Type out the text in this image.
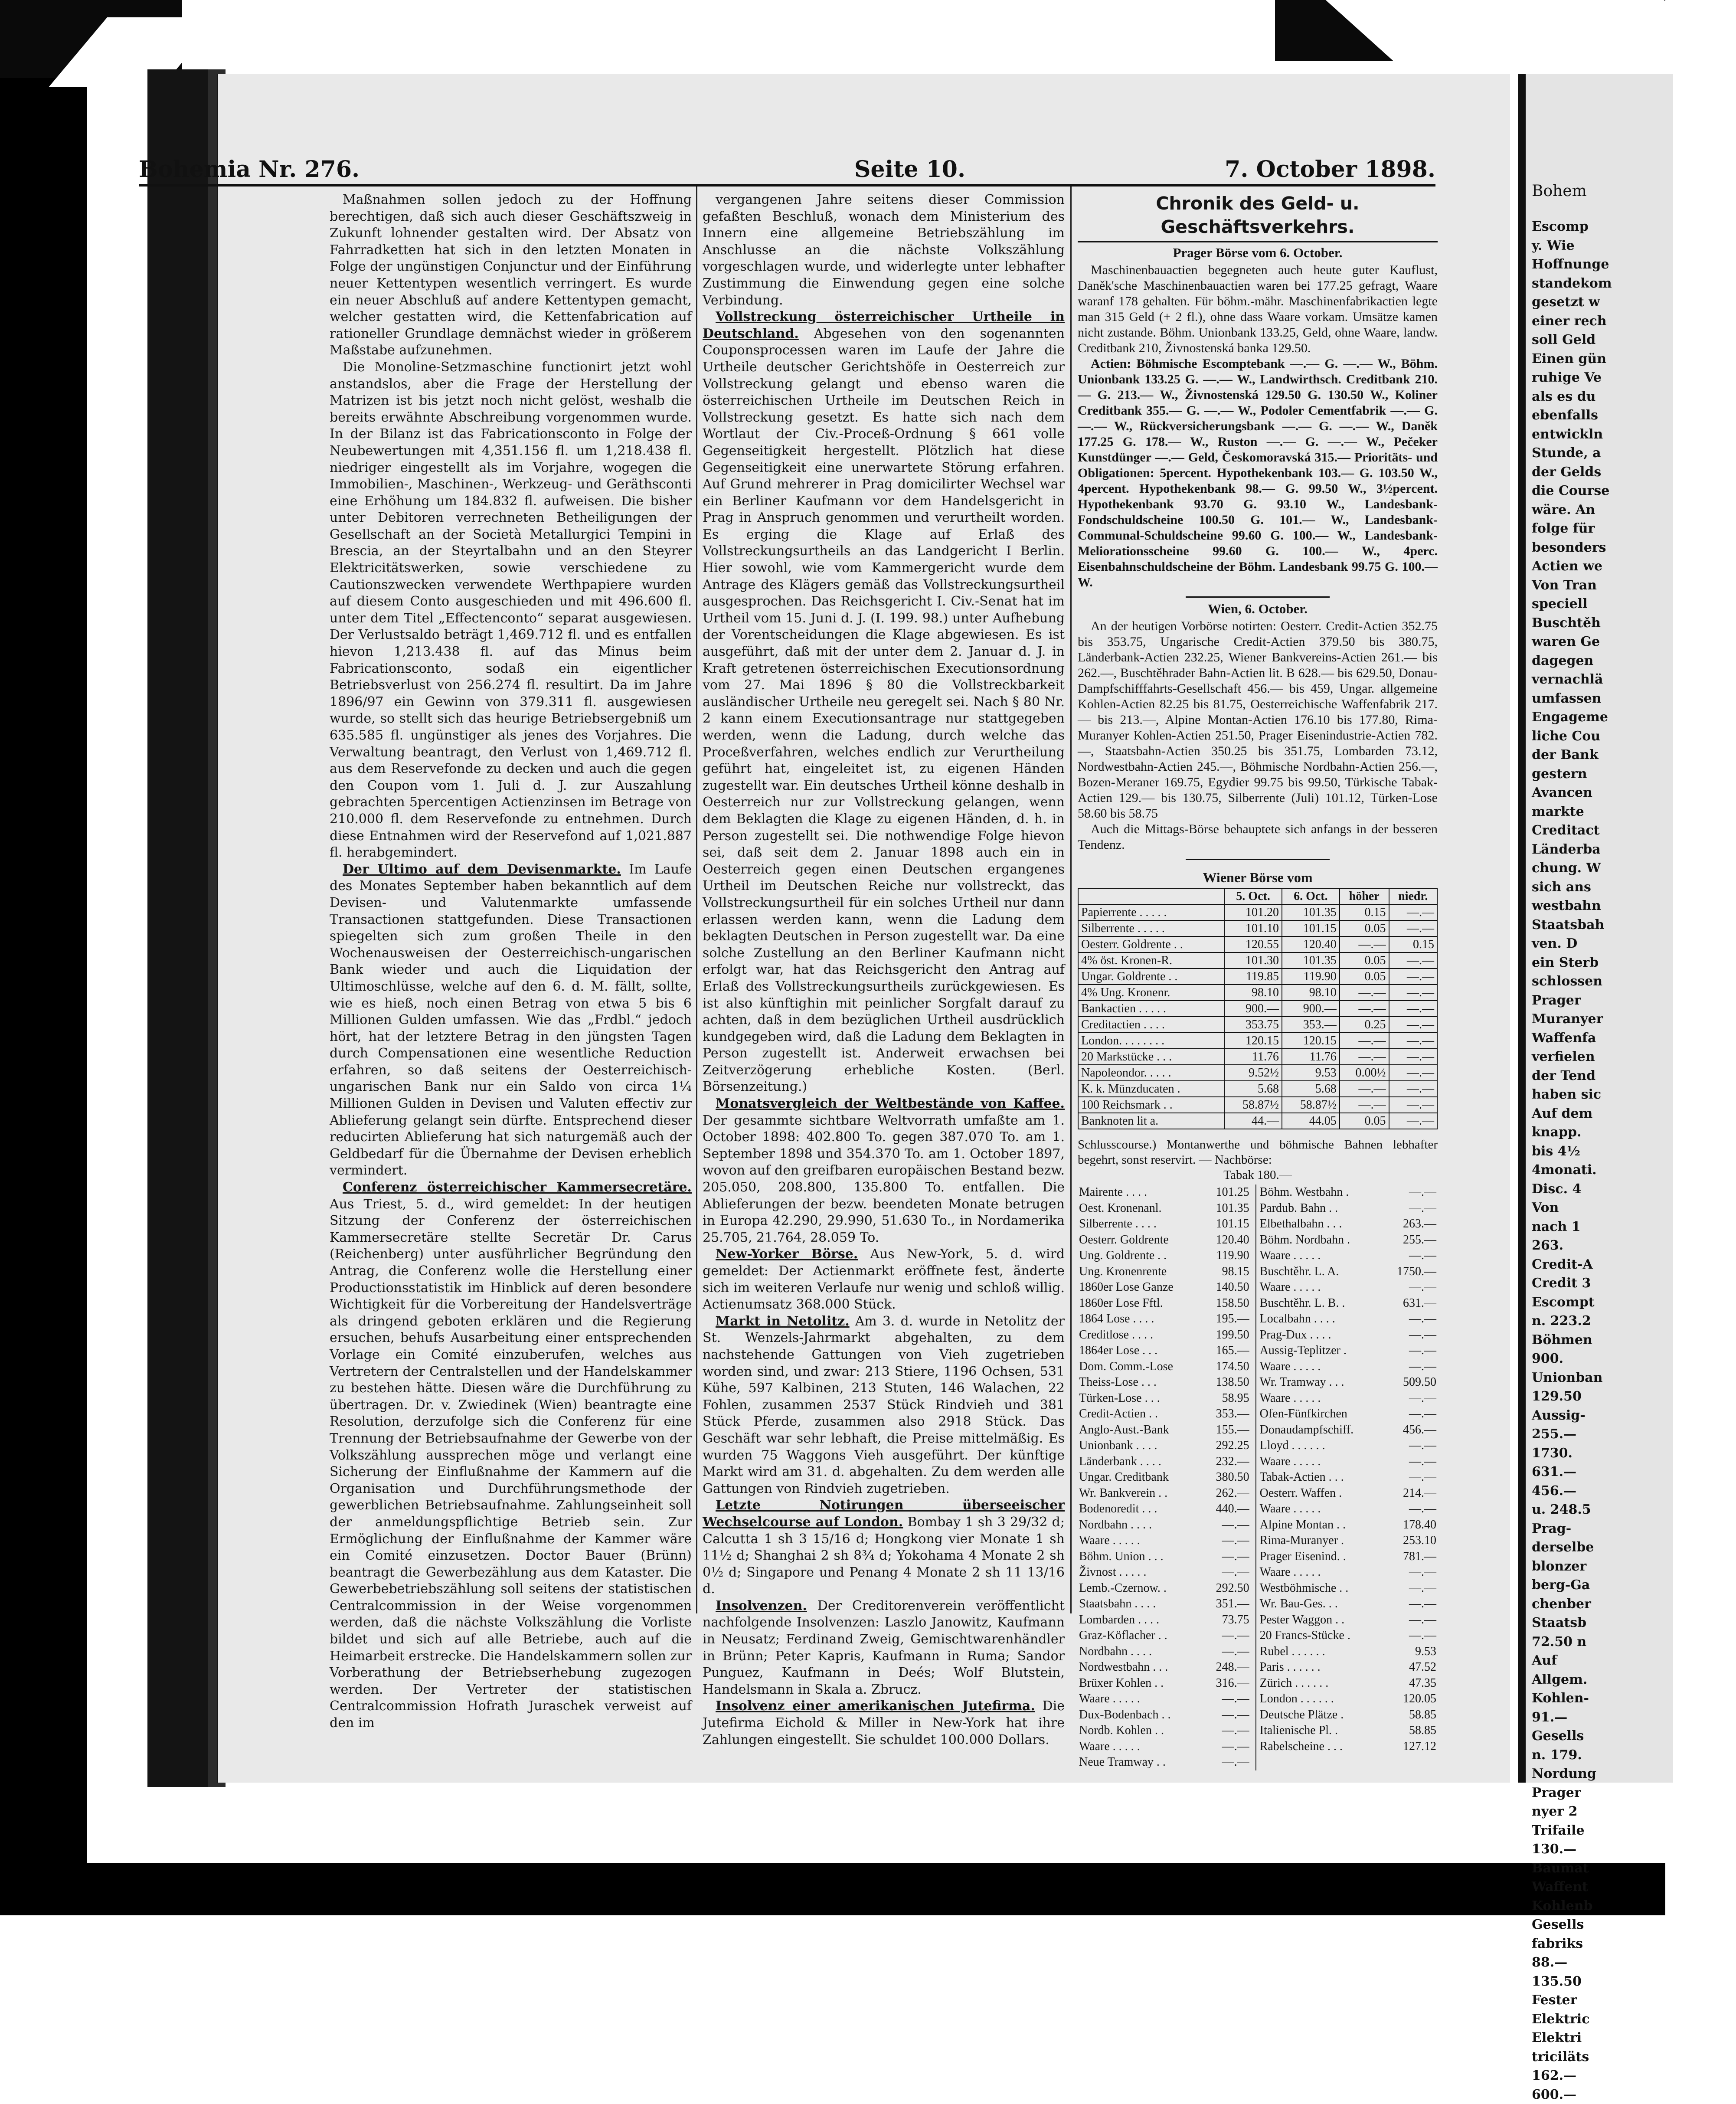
Bohem
Escomp
y. Wie
Hoffnunge
standekom
gesetzt w
einer rech
soll Geld
Einen gün
ruhige Ve
als es du
ebenfalls
entwickln
Stunde, a
der Gelds
die Course
wäre. An
folge für
besonders
Actien we
Von Tran
speciell
Buschtěh
waren Ge
dagegen
vernachlä
umfassen
Engageme
liche Cou
der Bank
gestern
Avancen
markte
Creditact
Länderba
chung. W
sich ans
westbahn
Staatsbah
ven. D
ein Sterb
schlossen
Prager
Muranyer
Waffenfa
verfielen
der Tend
haben sic
Auf dem
knapp.
bis 4½
4monati.
Disc. 4
Von
nach 1
263.
Credit-A
Credit 3
Escompt
n. 223.2
Böhmen
900.
Unionban
129.50
Aussig-
255.—
1730.
631.—
456.—
u. 248.5
Prag-
derselbe
blonzer
berg-Ga
chenber
Staatsb
72.50 n
Auf
Allgem.
Kohlen-
91.—
Gesells
n. 179.
Nordung
Prager
nyer 2
Trifaile
130.—
Baumat
Waffent
Kohlenb
Gesells
fabriks
88.—
135.50
Fester
Elektric
Elektri
triciläts
162.—
600.—
Bohemia Nr. 276.	Seite 10.	7. October 1898.

Maßnahmen sollen jedoch zu der Hoffnung berechtigen, daß sich auch dieser Geschäftszweig in Zukunft lohnender gestalten wird. Der Absatz von Fahrradketten hat sich in den letzten Monaten in Folge der ungünstigen Conjunctur und der Einführung neuer Kettentypen wesentlich verringert. Es wurde ein neuer Abschluß auf andere Kettentypen gemacht, welcher gestatten wird, die Kettenfabrication auf rationeller Grundlage demnächst wieder in größerem Maßstabe aufzunehmen.

Die Monoline-Setzmaschine functionirt jetzt wohl anstandslos, aber die Frage der Herstellung der Matrizen ist bis jetzt noch nicht gelöst, weshalb die bereits erwähnte Abschreibung vorgenommen wurde. In der Bilanz ist das Fabricationsconto in Folge der Neubewertungen mit 4,351.156 fl. um 1,218.438 fl. niedriger eingestellt als im Vorjahre, wogegen die Immobilien-, Maschinen-, Werkzeug- und Geräthsconti eine Erhöhung um 184.832 fl. aufweisen. Die bisher unter Debitoren verrechneten Betheiligungen der Gesellschaft an der Società Metallurgici Tempini in Brescia, an der Steyrtalbahn und an den Steyrer Elektricitätswerken, sowie verschiedene zu Cautionszwecken verwendete Werthpapiere wurden auf diesem Conto ausgeschieden und mit 496.600 fl. unter dem Titel „Effectenconto“ separat ausgewiesen. Der Verlustsaldo beträgt 1,469.712 fl. und es entfallen hievon 1,213.438 fl. auf das Minus beim Fabricationsconto, sodaß ein eigentlicher Betriebsverlust von 256.274 fl. resultirt. Da im Jahre 1896/97 ein Gewinn von 379.311 fl. ausgewiesen wurde, so stellt sich das heurige Betriebsergebniß um 635.585 fl. ungünstiger als jenes des Vorjahres. Die Verwaltung beantragt, den Verlust von 1,469.712 fl. aus dem Reservefonde zu decken und auch die gegen den Coupon vom 1. Juli d. J. zur Auszahlung gebrachten 5percentigen Actienzinsen im Betrage von 210.000 fl. dem Reservefonde zu entnehmen. Durch diese Entnahmen wird der Reservefond auf 1,021.887 fl. herabgemindert.

Der Ultimo auf dem Devisenmarkte. Im Laufe des Monates September haben bekanntlich auf dem Devisen- und Valutenmarkte umfassende Transactionen stattgefunden. Diese Transactionen spiegelten sich zum großen Theile in den Wochenausweisen der Oesterreichisch-ungarischen Bank wieder und auch die Liquidation der Ultimoschlüsse, welche auf den 6. d. M. fällt, sollte, wie es hieß, noch einen Betrag von etwa 5 bis 6 Millionen Gulden umfassen. Wie das „Frdbl.“ jedoch hört, hat der letztere Betrag in den jüngsten Tagen durch Compensationen eine wesentliche Reduction erfahren, so daß seitens der Oesterreichisch-ungarischen Bank nur ein Saldo von circa 1¼ Millionen Gulden in Devisen und Valuten effectiv zur Ablieferung gelangt sein dürfte. Entsprechend dieser reducirten Ablieferung hat sich naturgemäß auch der Geldbedarf für die Übernahme der Devisen erheblich vermindert.

Conferenz österreichischer Kammersecretäre. Aus Triest, 5. d., wird gemeldet: In der heutigen Sitzung der Conferenz der österreichischen Kammersecretäre stellte Secretär Dr. Carus (Reichenberg) unter ausführlicher Begründung den Antrag, die Conferenz wolle die Herstellung einer Productionsstatistik im Hinblick auf deren besondere Wichtigkeit für die Vorbereitung der Handelsverträge als dringend geboten erklären und die Regierung ersuchen, behufs Ausarbeitung einer entsprechenden Vorlage ein Comité einzuberufen, welches aus Vertretern der Centralstellen und der Handelskammer zu bestehen hätte. Diesen wäre die Durchführung zu übertragen. Dr. v. Zwiedinek (Wien) beantragte eine Resolution, derzufolge sich die Conferenz für eine Trennung der Betriebsaufnahme der Gewerbe von der Volkszählung aussprechen möge und verlangt eine Sicherung der Einflußnahme der Kammern auf die Organisation und Durchführungsmethode der gewerblichen Betriebsaufnahme. Zahlungseinheit soll der anmeldungspflichtige Betrieb sein. Zur Ermöglichung der Einflußnahme der Kammer wäre ein Comité einzusetzen. Doctor Bauer (Brünn) beantragt die Gewerbezählung aus dem Kataster. Die Gewerbebetriebszählung soll seitens der statistischen Centralcommission in der Weise vorgenommen werden, daß die nächste Volkszählung die Vorliste bildet und sich auf alle Betriebe, auch auf die Heimarbeit erstrecke. Die Handelskammern sollen zur Vorberathung der Betriebserhebung zugezogen werden. Der Vertreter der statistischen Centralcommission Hofrath Juraschek verweist auf den im

vergangenen Jahre seitens dieser Commission gefaßten Beschluß, wonach dem Ministerium des Innern eine allgemeine Betriebszählung im Anschlusse an die nächste Volkszählung vorgeschlagen wurde, und widerlegte unter lebhafter Zustimmung die Einwendung gegen eine solche Verbindung.

Vollstreckung österreichischer Urtheile in Deutschland. Abgesehen von den sogenannten Couponsprocessen waren im Laufe der Jahre die Urtheile deutscher Gerichtshöfe in Oesterreich zur Vollstreckung gelangt und ebenso waren die österreichischen Urtheile im Deutschen Reich in Vollstreckung gesetzt. Es hatte sich nach dem Wortlaut der Civ.-Proceß-Ordnung § 661 volle Gegenseitigkeit hergestellt. Plötzlich hat diese Gegenseitigkeit eine unerwartete Störung erfahren. Auf Grund mehrerer in Prag domicilirter Wechsel war ein Berliner Kaufmann vor dem Handelsgericht in Prag in Anspruch genommen und verurtheilt worden. Es erging die Klage auf Erlaß des Vollstreckungsurtheils an das Landgericht I Berlin. Hier sowohl, wie vom Kammergericht wurde dem Antrage des Klägers gemäß das Vollstreckungsurtheil ausgesprochen. Das Reichsgericht I. Civ.-Senat hat im Urtheil vom 15. Juni d. J. (I. 199. 98.) unter Aufhebung der Vorentscheidungen die Klage abgewiesen. Es ist ausgeführt, daß mit der unter dem 2. Januar d. J. in Kraft getretenen österreichischen Executionsordnung vom 27. Mai 1896 § 80 die Vollstreckbarkeit ausländischer Urtheile neu geregelt sei. Nach § 80 Nr. 2 kann einem Executionsantrage nur stattgegeben werden, wenn die Ladung, durch welche das Proceßverfahren, welches endlich zur Verurtheilung geführt hat, eingeleitet ist, zu eigenen Händen zugestellt war. Ein deutsches Urtheil könne deshalb in Oesterreich nur zur Vollstreckung gelangen, wenn dem Beklagten die Klage zu eigenen Händen, d. h. in Person zugestellt sei. Die nothwendige Folge hievon sei, daß seit dem 2. Januar 1898 auch ein in Oesterreich gegen einen Deutschen ergangenes Urtheil im Deutschen Reiche nur vollstreckt, das Vollstreckungsurtheil für ein solches Urtheil nur dann erlassen werden kann, wenn die Ladung dem beklagten Deutschen in Person zugestellt war. Da eine solche Zustellung an den Berliner Kaufmann nicht erfolgt war, hat das Reichsgericht den Antrag auf Erlaß des Vollstreckungsurtheils zurückgewiesen. Es ist also künftighin mit peinlicher Sorgfalt darauf zu achten, daß in dem bezüglichen Urtheil ausdrücklich kundgegeben wird, daß die Ladung dem Beklagten in Person zugestellt ist. Anderweit erwachsen bei Zeitverzögerung erhebliche Kosten. (Berl. Börsenzeitung.)

Monatsvergleich der Weltbestände von Kaffee. Der gesammte sichtbare Weltvorrath umfaßte am 1. October 1898: 402.800 To. gegen 387.070 To. am 1. September 1898 und 354.370 To. am 1. October 1897, wovon auf den greifbaren europäischen Bestand bezw. 205.050, 208.800, 135.800 To. entfallen. Die Ablieferungen der bezw. beendeten Monate betrugen in Europa 42.290, 29.990, 51.630 To., in Nordamerika 25.705, 21.764, 28.059 To.

New-Yorker Börse. Aus New-York, 5. d. wird gemeldet: Der Actienmarkt eröffnete fest, änderte sich im weiteren Verlaufe nur wenig und schloß willig. Actienumsatz 368.000 Stück.

Markt in Netolitz. Am 3. d. wurde in Netolitz der St. Wenzels-Jahrmarkt abgehalten, zu dem nachstehende Gattungen von Vieh zugetrieben worden sind, und zwar: 213 Stiere, 1196 Ochsen, 531 Kühe, 597 Kalbinen, 213 Stuten, 146 Walachen, 22 Fohlen, zusammen 2537 Stück Rindvieh und 381 Stück Pferde, zusammen also 2918 Stück. Das Geschäft war sehr lebhaft, die Preise mittelmäßig. Es wurden 75 Waggons Vieh ausgeführt. Der künftige Markt wird am 31. d. abgehalten. Zu dem werden alle Gattungen von Rindvieh zugetrieben.

Letzte Notirungen überseeischer Wechselcourse auf London. Bombay 1 sh 3 29/32 d; Calcutta 1 sh 3 15/16 d; Hongkong vier Monate 1 sh 11½ d; Shanghai 2 sh 8¾ d; Yokohama 4 Monate 2 sh 0½ d; Singapore und Penang 4 Monate 2 sh 11 13/16 d.

Insolvenzen. Der Creditorenverein veröffentlicht nachfolgende Insolvenzen: Laszlo Janowitz, Kaufmann in Neusatz; Ferdinand Zweig, Gemischtwarenhändler in Brünn; Peter Kapris, Kaufmann in Ruma; Sandor Punguez, Kaufmann in Deés; Wolf Blutstein, Handelsmann in Skala a. Zbrucz.

Insolvenz einer amerikanischen Jutefirma. Die Jutefirma Eichold & Miller in New-York hat ihre Zahlungen eingestellt. Sie schuldet 100.000 Dollars.

Chronik des Geld- u. Geschäftsverkehrs.
Prager Börse vom 6. October.

Maschinenbauactien begegneten auch heute guter Kauflust, Daněk'sche Maschinenbauactien waren bei 177.25 gefragt, Waare waranf 178 gehalten. Für böhm.-mähr. Maschinenfabrikactien legte man 315 Geld (+ 2 fl.), ohne dass Waare vorkam. Umsätze kamen nicht zustande. Böhm. Unionbank 133.25, Geld, ohne Waare, landw. Creditbank 210, Živnostenská banka 129.50.

Actien: Böhmische Escomptebank —.— G. —.— W., Böhm. Unionbank 133.25 G. —.— W., Landwirthsch. Creditbank 210.— G. 213.— W., Živnostenská 129.50 G. 130.50 W., Koliner Creditbank 355.— G. —.— W., Podoler Cementfabrik —.— G. —.— W., Rückversicherungsbank —.— G. —.— W., Daněk 177.25 G. 178.— W., Ruston —.— G. —.— W., Pečeker Kunstdünger —.— Geld, Českomoravská 315.— Prioritäts- und Obligationen: 5percent. Hypothekenbank 103.— G. 103.50 W., 4percent. Hypothekenbank 98.— G. 99.50 W., 3½percent. Hypothekenbank 93.70 G. 93.10 W., Landesbank-Fondschuldscheine 100.50 G. 101.— W., Landesbank-Communal-Schuldscheine 99.60 G. 100.— W., Landesbank-Meliorationsscheine 99.60 G. 100.— W., 4perc. Eisenbahnschuldscheine der Böhm. Landesbank 99.75 G. 100.— W.

Wien, 6. October.

An der heutigen Vorbörse notirten: Oesterr. Credit-Actien 352.75 bis 353.75, Ungarische Credit-Actien 379.50 bis 380.75, Länderbank-Actien 232.25, Wiener Bankvereins-Actien 261.— bis 262.—, Buschtěhrader Bahn-Actien lit. B 628.— bis 629.50, Donau-Dampfschifffahrts-Gesellschaft 456.— bis 459, Ungar. allgemeine Kohlen-Actien 82.25 bis 81.75, Oesterreichische Waffenfabrik 217.— bis 213.—, Alpine Montan-Actien 176.10 bis 177.80, Rima-Muranyer Kohlen-Actien 251.50, Prager Eisenindustrie-Actien 782.—, Staatsbahn-Actien 350.25 bis 351.75, Lombarden 73.12, Nordwestbahn-Actien 245.—, Böhmische Nordbahn-Actien 256.—, Bozen-Meraner 169.75, Egydier 99.75 bis 99.50, Türkische Tabak-Actien 129.— bis 130.75, Silberrente (Juli) 101.12, Türken-Lose 58.60 bis 58.75

Auch die Mittags-Börse behauptete sich anfangs in der besseren Tendenz.

Wiener Börse vom
	5. Oct.	6. Oct.	höher	niedr.
Papierrente . . . . .	101.20	101.35	0.15	—.—
Silberrente . . . . .	101.10	101.15	0.05	—.—
Oesterr. Goldrente . .	120.55	120.40	—.—	0.15
4% öst. Kronen-R.	101.30	101.35	0.05	—.—
Ungar. Goldrente . .	119.85	119.90	0.05	—.—
4% Ung. Kronenr.	98.10	98.10	—.—	—.—
Bankactien . . . . .	900.—	900.—	—.—	—.—
Creditactien . . . .	353.75	353.—	0.25	—.—
London. . . . . . . .	120.15	120.15	—.—	—.—
20 Markstücke . . .	11.76	11.76	—.—	—.—
Napoleondor. . . . .	9.52½	9.53	0.00½	—.—
K. k. Münzducaten .	5.68	5.68	—.—	—.—
100 Reichsmark . .	58.87½	58.87½	—.—	—.—
Banknoten lit a.	44.—	44.05	0.05	—.—
Schlusscourse.) Montanwerthe und böhmische Bahnen lebhafter begehrt, sonst reservirt. — Nachbörse:
Tabak 180.—
Mairente . . . .	101.25	Böhm. Westbahn .	—.—
Oest. Kronenanl.	101.35	Pardub. Bahn . .	—.—
Silberrente . . . .	101.15	Elbethalbahn . . .	263.—
Oesterr. Goldrente	120.40	Böhm. Nordbahn .	255.—
Ung. Goldrente . .	119.90	Waare . . . . .	—.—
Ung. Kronenrente	98.15	Buschtěhr. L. A.	1750.—
1860er Lose Ganze	140.50	Waare . . . . .	—.—
1860er Lose Fftl.	158.50	Buschtěhr. L. B. .	631.—
1864 Lose . . . .	195.—	Localbahn . . . .	—.—
Creditlose . . . .	199.50	Prag-Dux . . . .	—.—
1864er Lose . . .	165.—	Aussig-Teplitzer .	—.—
Dom. Comm.-Lose	174.50	Waare . . . . .	—.—
Theiss-Lose . . .	138.50	Wr. Tramway . . .	509.50
Türken-Lose . . .	58.95	Waare . . . . .	—.—
Credit-Actien . .	353.—	Ofen-Fünfkirchen	—.—
Anglo-Aust.-Bank	155.—	Donaudampfschiff.	456.—
Unionbank . . . .	292.25	Lloyd . . . . . .	—.—
Länderbank . . . .	232.—	Waare . . . . .	—.—
Ungar. Creditbank	380.50	Tabak-Actien . . .	—.—
Wr. Bankverein . .	262.—	Oesterr. Waffen .	214.—
Bodenoredit . . .	440.—	Waare . . . . .	—.—
Nordbahn . . . .	—.—	Alpine Montan . .	178.40
Waare . . . . .	—.—	Rima-Muranyer .	253.10
Böhm. Union . . .	—.—	Prager Eisenind. .	781.—
Živnost . . . . .	—.—	Waare . . . . .	—.—
Lemb.-Czernow. .	292.50	Westböhmische . .	—.—
Staatsbahn . . . .	351.—	Wr. Bau-Ges. . .	—.—
Lombarden . . . .	73.75	Pester Waggon . .	—.—
Graz-Köflacher . .	—.—	20 Francs-Stücke .	—.—
Nordbahn . . . .	—.—	Rubel . . . . . .	9.53
Nordwestbahn . . .	248.—	Paris . . . . . .	47.52
Brüxer Kohlen . .	316.—	Zürich . . . . . .	47.35
Waare . . . . .	—.—	London . . . . . .	120.05
Dux-Bodenbach . .	—.—	Deutsche Plätze .	58.85
Nordb. Kohlen . .	—.—	Italienische Pl. .	58.85
Waare . . . . .	—.—	Rabelscheine . . .	127.12
Neue Tramway . .	—.—		
